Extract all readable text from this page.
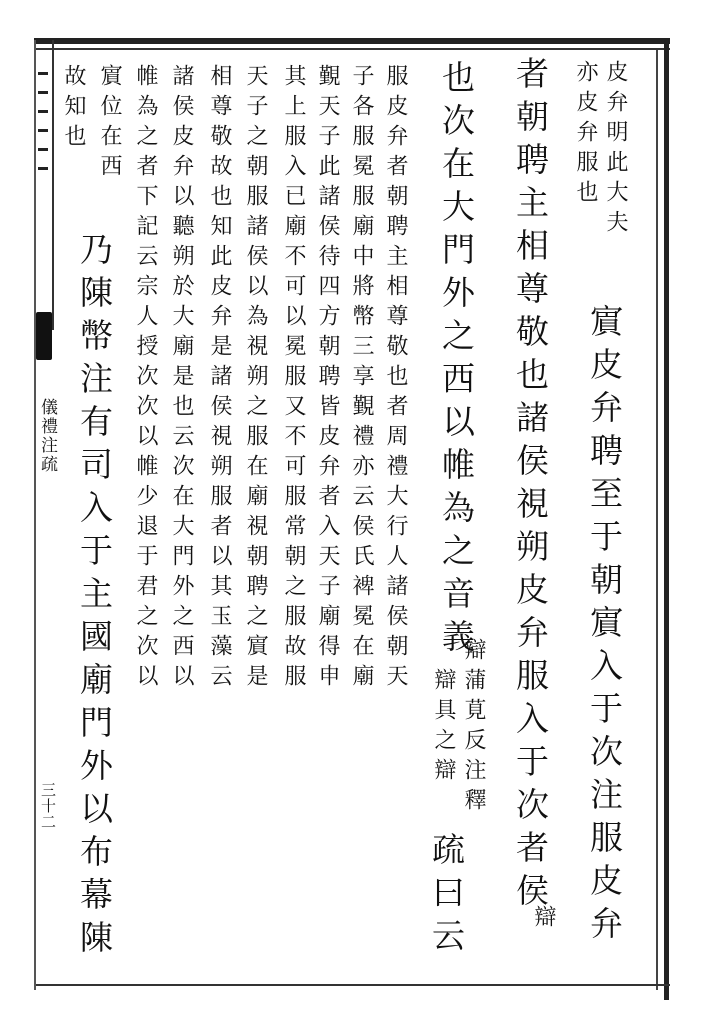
皮弁明此大夫
亦皮弁服也
賔皮弁聘至于朝賔入于次注服皮弁
者朝聘主相尊敬也諸侯視朔皮弁服入于次者侯
辯
也次在大門外之西以帷為之音義
辯蒲莧反注釋
辯具之辯
疏曰云
服皮弁者朝聘主相尊敬也者周禮大行人諸侯朝天
子各服冕服廟中將幣三享覲禮亦云侯氏裨冕在廟
覲天子此諸侯待四方朝聘皆皮弁者入天子廟得申
其上服入已廟不可以冕服又不可服常朝之服故服
天子之朝服諸侯以為視朔之服在廟視朝聘之賔是
相尊敬故也知此皮弁是諸侯視朔服者以其玉藻云
諸侯皮弁以聽朔於大廟是也云次在大門外之西以
帷為之者下記云宗人授次次以帷少退于君之次以
賔位在西
乃陳幣注有司入于主國廟門外以布幕陳
故知也
儀禮注疏
三十二
